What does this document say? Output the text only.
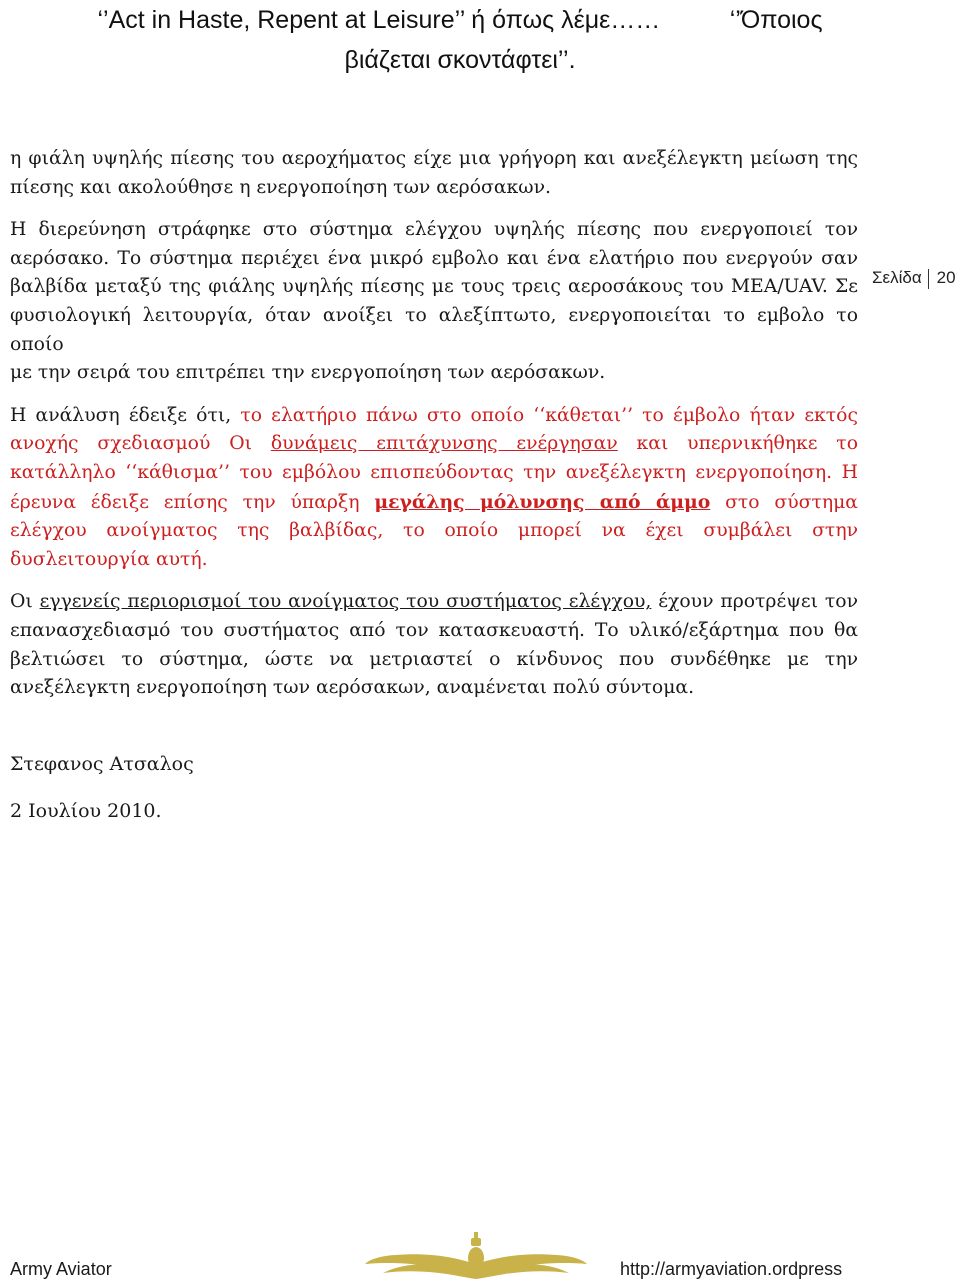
‘’Act in Haste, Repent at Leisure’’ ή όπως λέμε……          ‘’Όποιος
βιάζεται σκοντάφτει’’.

η φιάλη υψηλής πίεσης του αεροχήματος είχε μια γρήγορη και ανεξέλεγκτη μείωση της
πίεσης και ακολούθησε η ενεργοποίηση των αερόσακων.

Η διερεύνηση στράφηκε στο σύστημα ελέγχου υψηλής πίεσης που ενεργοποιεί τον
αερόσακο. Το σύστημα περιέχει ένα μικρό εμβολο και ένα ελατήριο που ενεργούν σαν
βαλβίδα μεταξύ της φιάλης υψηλής πίεσης με τους τρεις αεροσάκους του ΜΕΑ/UAV. Σε
φυσιολογική λειτουργία, όταν ανοίξει το αλεξίπτωτο, ενεργοποιείται το εμβολο το οποίο
με την σειρά του επιτρέπει την ενεργοποίηση των αερόσακων.

Η ανάλυση έδειξε ότι, το ελατήριο πάνω στο οποίο ‘‘κάθεται’’ το έμβολο ήταν εκτός
ανοχής σχεδιασμού Οι δυνάμεις επιτάχυνσης ενέργησαν και υπερνικήθηκε το
κατάλληλο ‘‘κάθισμα’’ του εμβόλου επισπεύδοντας την ανεξέλεγκτη ενεργοποίηση. Η
έρευνα έδειξε επίσης την ύπαρξη μεγάλης μόλυνσης από άμμο στο σύστημα
ελέγχου ανοίγματος της βαλβίδας, το οποίο μπορεί να έχει συμβάλει στην
δυσλειτουργία αυτή.

Οι εγγενείς περιορισμοί του ανοίγματος του συστήματος ελέγχου, έχουν προτρέψει τον
επανασχεδιασμό του συστήματος από τον κατασκευαστή. Το υλικό/εξάρτημα που θα
βελτιώσει το σύστημα, ώστε να μετριαστεί ο κίνδυνος που συνδέθηκε με την
ανεξέλεγκτη ενεργοποίηση των αερόσακων, αναμένεται πολύ σύντομα.

Στεφανος Ατσαλος
2 Ιουλίου 2010.
Σελίδα 20
Army Aviator	http://armyaviation.ordpress
